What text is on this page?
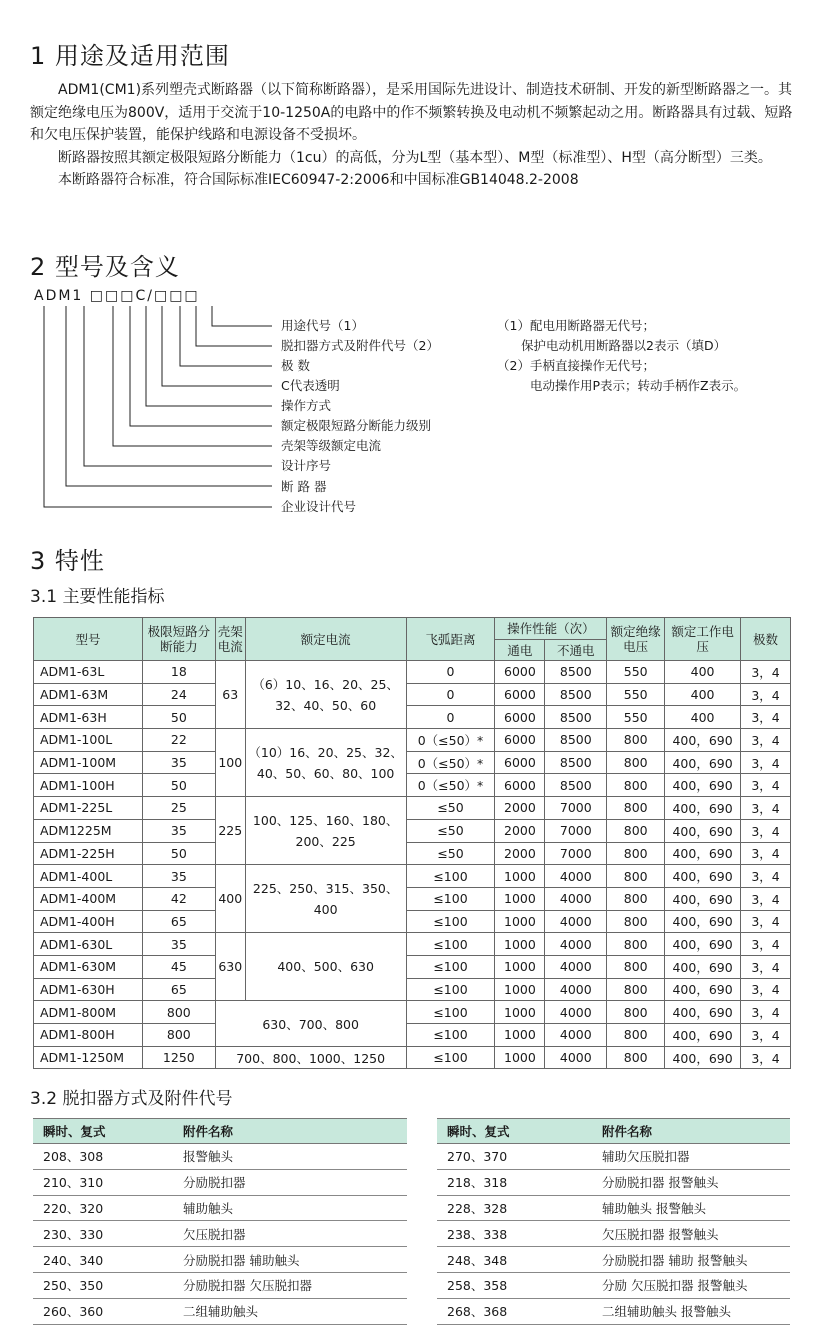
1 用途及适用范围

ADM1(CM1)系列塑壳式断路器（以下简称断路器），是采用国际先进设计、制造技术研制、开发的新型断路器之一。其额定绝缘电压为800V，适用于交流于10-1250A的电路中的作不频繁转换及电动机不频繁起动之用。断路器具有过载、短路和欠电压保护装置，能保护线路和电源设备不受损坏。

断路器按照其额定极限短路分断能力（1cu）的高低，分为L型（基本型）、M型（标准型）、H型（高分断型）三类。

本断路器符合标准，符合国际标准IEC60947-2:2006和中国标准GB14048.2-2008

2 型号及含义
ADM1 □□□C/□□□
用途代号（1）
脱扣器方式及附件代号（2）
极 数
C代表透明
操作方式
额定极限短路分断能力级别
壳架等级额定电流
设计序号
断 路 器
企业设计代号
（1）配电用断路器无代号；
保护电动机用断路器以2表示（填D）
（2）手柄直接操作无代号；
电动操作用P表示；转动手柄作Z表示。
3 特性
3.1 主要性能指标
型号	极限短路分断能力	壳架电流	额定电流	飞弧距离	操作性能（次）		额定绝缘电压	额定工作电压	极数
					通电	不通电			
ADM1-63L	18	63	（6）10、16、20、25、32、40、50、60	0	6000	8500	550	400	3，4
ADM1-63M	24			0	6000	8500	550	400	3，4
ADM1-63H	50			0	6000	8500	550	400	3，4
ADM1-100L	22	100	（10）16、20、25、32、40、50、60、80、100	0（≤50）*	6000	8500	800	400，690	3，4
ADM1-100M	35			0（≤50）*	6000	8500	800	400，690	3，4
ADM1-100H	50			0（≤50）*	6000	8500	800	400，690	3，4
ADM1-225L	25	225	100、125、160、180、200、225	≤50	2000	7000	800	400，690	3，4
ADM1225M	35			≤50	2000	7000	800	400，690	3，4
ADM1-225H	50			≤50	2000	7000	800	400，690	3，4
ADM1-400L	35	400	225、250、315、350、400	≤100	1000	4000	800	400，690	3，4
ADM1-400M	42			≤100	1000	4000	800	400，690	3，4
ADM1-400H	65			≤100	1000	4000	800	400，690	3，4
ADM1-630L	35	630	400、500、630	≤100	1000	4000	800	400，690	3，4
ADM1-630M	45			≤100	1000	4000	800	400，690	3，4
ADM1-630H	65			≤100	1000	4000	800	400，690	3，4
ADM1-800M	800	630、700、800		≤100	1000	4000	800	400，690	3，4
ADM1-800H	800			≤100	1000	4000	800	400，690	3，4
ADM1-1250M	1250	700、800、1000、1250		≤100	1000	4000	800	400，690	3，4
3.2 脱扣器方式及附件代号
瞬时、复式	附件名称
208、308	报警触头
210、310	分励脱扣器
220、320	辅助触头
230、330	欠压脱扣器
240、340	分励脱扣器 辅助触头
250、350	分励脱扣器 欠压脱扣器
260、360	二组辅助触头
瞬时、复式	附件名称
270、370	辅助欠压脱扣器
218、318	分励脱扣器 报警触头
228、328	辅助触头 报警触头
238、338	欠压脱扣器 报警触头
248、348	分励脱扣器 辅助 报警触头
258、358	分励 欠压脱扣器 报警触头
268、368	二组辅助触头 报警触头
